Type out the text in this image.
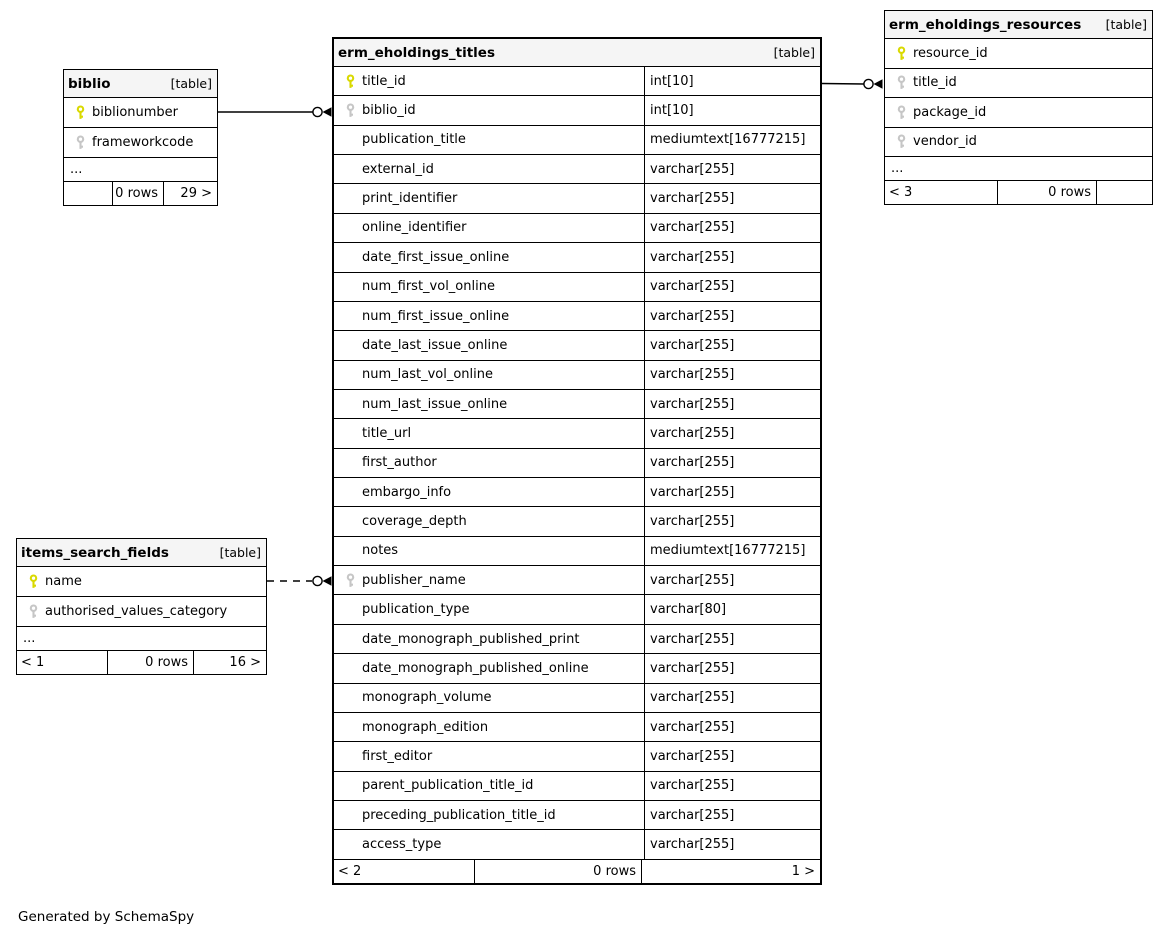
biblio	[table]
biblionumber
frameworkcode
...
0 rows	29 >
erm_eholdings_titles	[table]
title_id	int[10]
biblio_id	int[10]
publication_title	mediumtext[16777215]
external_id	varchar[255]
print_identifier	varchar[255]
online_identifier	varchar[255]
date_first_issue_online	varchar[255]
num_first_vol_online	varchar[255]
num_first_issue_online	varchar[255]
date_last_issue_online	varchar[255]
num_last_vol_online	varchar[255]
num_last_issue_online	varchar[255]
title_url	varchar[255]
first_author	varchar[255]
embargo_info	varchar[255]
coverage_depth	varchar[255]
notes	mediumtext[16777215]
publisher_name	varchar[255]
publication_type	varchar[80]
date_monograph_published_print	varchar[255]
date_monograph_published_online	varchar[255]
monograph_volume	varchar[255]
monograph_edition	varchar[255]
first_editor	varchar[255]
parent_publication_title_id	varchar[255]
preceding_publication_title_id	varchar[255]
access_type	varchar[255]
< 2	0 rows	1 >
erm_eholdings_resources [table]
resource_id
title_id
package_id
vendor_id
...
< 3	0 rows
items_search_fields	[table]
name
authorised_values_category
...
< 1	0 rows	16 >
Generated by SchemaSpy
